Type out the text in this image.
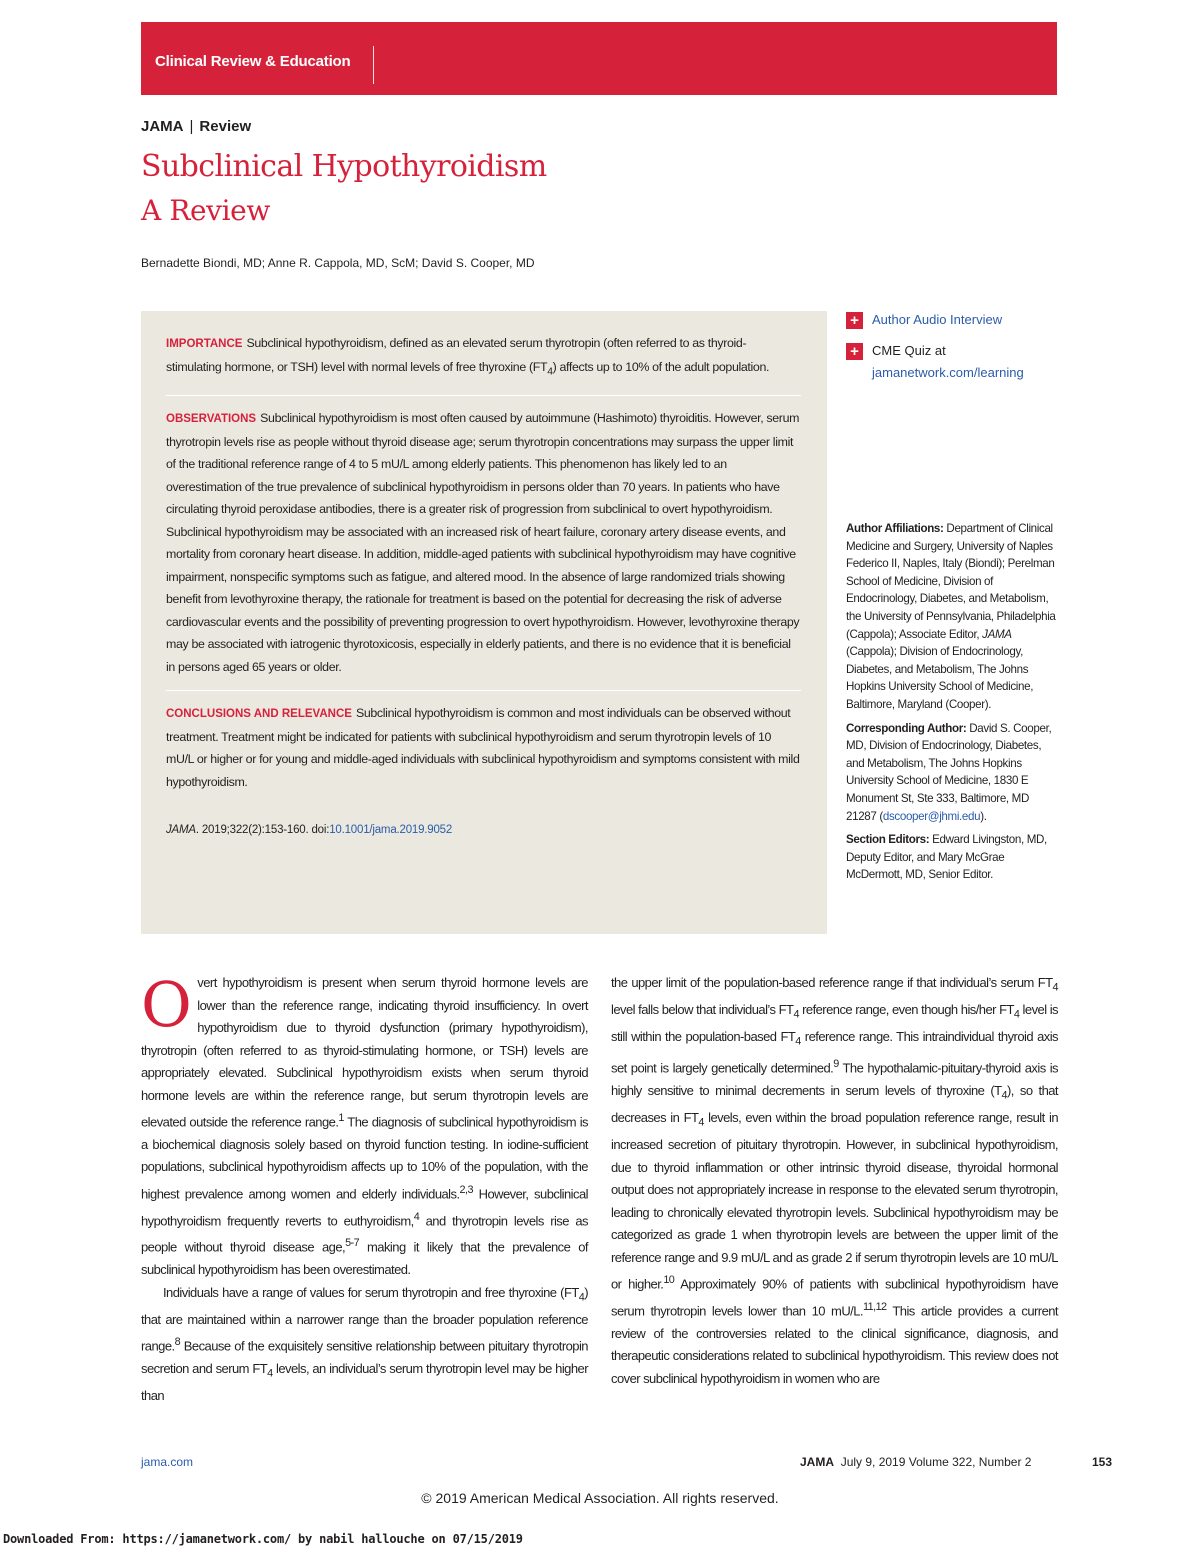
Clinical Review & Education
JAMA | Review
Subclinical Hypothyroidism
A Review
Bernadette Biondi, MD; Anne R. Cappola, MD, ScM; David S. Cooper, MD

IMPORTANCE Subclinical hypothyroidism, defined as an elevated serum thyrotropin (often referred to as thyroid-stimulating hormone, or TSH) level with normal levels of free thyroxine $(FT_4)$ affects up to 10% of the adult population.

OBSERVATIONS Subclinical hypothyroidism is most often caused by autoimmune (Hashimoto) thyroiditis. However, serum thyrotropin levels rise as people without thyroid disease age; serum thyrotropin concentrations may surpass the upper limit of the traditional reference range of 4 to 5 mU/L among elderly patients. This phenomenon has likely led to an overestimation of the true prevalence of subclinical hypothyroidism in persons older than 70 years. In patients who have circulating thyroid peroxidase antibodies, there is a greater risk of progression from subclinical to overt hypothyroidism. Subclinical hypothyroidism may be associated with an increased risk of heart failure, coronary artery disease events, and mortality from coronary heart disease. In addition, middle-aged patients with subclinical hypothyroidism may have cognitive impairment, nonspecific symptoms such as fatigue, and altered mood. In the absence of large randomized trials showing benefit from levothyroxine therapy, the rationale for treatment is based on the potential for decreasing the risk of adverse cardiovascular events and the possibility of preventing progression to overt hypothyroidism. However, levothyroxine therapy may be associated with iatrogenic thyrotoxicosis, especially in elderly patients, and there is no evidence that it is beneficial in persons aged 65 years or older.

CONCLUSIONS AND RELEVANCE Subclinical hypothyroidism is common and most individuals can be observed without treatment. Treatment might be indicated for patients with subclinical hypothyroidism and serum thyrotropin levels of 10 mU/L or higher or for young and middle-aged individuals with subclinical hypothyroidism and symptoms consistent with mild hypothyroidism.

JAMA. 2019;322(2):153-160. doi:10.1001/jama.2019.9052

+	Author Audio Interview
+	CME Quiz at
jamanetwork.com/learning

Author Affiliations: Department of Clinical Medicine and Surgery, University of Naples Federico II, Naples, Italy (Biondi); Perelman School of Medicine, Division of Endocrinology, Diabetes, and Metabolism, the University of Pennsylvania, Philadelphia (Cappola); Associate Editor, JAMA (Cappola); Division of Endocrinology, Diabetes, and Metabolism, The Johns Hopkins University School of Medicine, Baltimore, Maryland (Cooper).

Corresponding Author: David S. Cooper, MD, Division of Endocrinology, Diabetes, and Metabolism, The Johns Hopkins University School of Medicine, 1830 E Monument St, Ste 333, Baltimore, MD 21287 (dscooper@jhmi.edu).

Section Editors: Edward Livingston, MD, Deputy Editor, and Mary McGrae McDermott, MD, Senior Editor.

Overt hypothyroidism is present when serum thyroid hormone levels are lower than the reference range, indicating thyroid insufficiency. In overt hypothyroidism due to thyroid dysfunction (primary hypothyroidism), thyrotropin (often referred to as thyroid-stimulating hormone, or TSH) levels are appropriately elevated. Subclinical hypothyroidism exists when serum thyroid hormone levels are within the reference range, but serum thyrotropin levels are elevated outside the reference range.$^1$ The diagnosis of subclinical hypothyroidism is a biochemical diagnosis solely based on thyroid function testing. In iodine-sufficient populations, subclinical hypothyroidism affects up to 10% of the population, with the highest prevalence among women and elderly individuals.$^{2,3}$ However, subclinical hypothyroidism frequently reverts to euthyroidism,$^4$ and thyrotropin levels rise as people without thyroid disease age,$^{5-7}$ making it likely that the prevalence of subclinical hypothyroidism has been overestimated.

Individuals have a range of values for serum thyrotropin and free thyroxine $(FT_4)$ that are maintained within a narrower range than the broader population reference range.$^8$ Because of the exquisitely sensitive relationship between pituitary thyrotropin secretion and serum $FT_4$ levels, an individual’s serum thyrotropin level may be higher than

the upper limit of the population-based reference range if that individual’s serum $FT_4$ level falls below that individual’s $FT_4$ reference range, even though his/her $FT_4$ level is still within the population-based $FT_4$ reference range. This intraindividual thyroid axis set point is largely genetically determined.$^9$ The hypothalamic-pituitary-thyroid axis is highly sensitive to minimal decrements in serum levels of thyroxine $(T_4)$, so that decreases in $FT_4$ levels, even within the broad population reference range, result in increased secretion of pituitary thyrotropin. However, in subclinical hypothyroidism, due to thyroid inflammation or other intrinsic thyroid disease, thyroidal hormonal output does not appropriately increase in response to the elevated serum thyrotropin, leading to chronically elevated thyrotropin levels. Subclinical hypothyroidism may be categorized as grade 1 when thyrotropin levels are between the upper limit of the reference range and 9.9 mU/L and as grade 2 if serum thyrotropin levels are 10 mU/L or higher.$^{10}$ Approximately 90% of patients with subclinical hypothyroidism have serum thyrotropin levels lower than 10 mU/L.$^{11,12}$ This article provides a current review of the controversies related to the clinical significance, diagnosis, and therapeutic considerations related to subclinical hypothyroidism. This review does not cover subclinical hypothyroidism in women who are

jama.com	JAMA July 9, 2019 Volume 322, Number 2	153
© 2019 American Medical Association. All rights reserved.
Downloaded From: https://jamanetwork.com/ by nabil hallouche on 07/15/2019
